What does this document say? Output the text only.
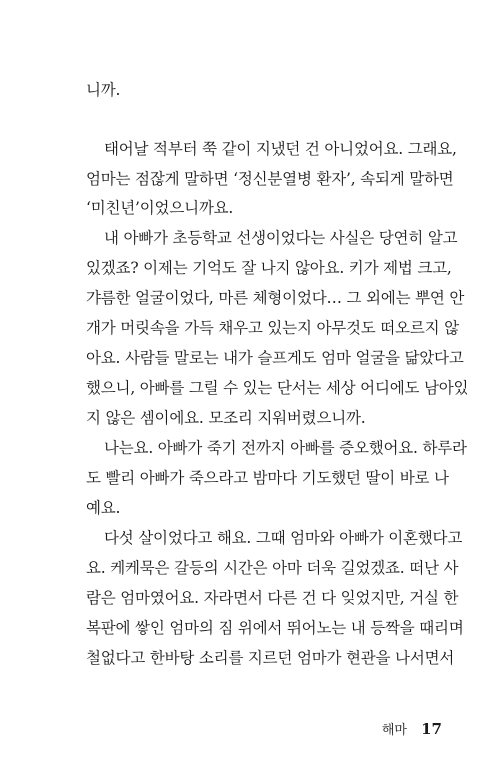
니까.
태어날 적부터 쭉 같이 지냈던 건 아니었어요. 그래요,
엄마는 점잖게 말하면 ‘정신분열병 환자’, 속되게 말하면
‘미친년’이었으니까요.
내 아빠가 초등학교 선생이었다는 사실은 당연히 알고
있겠죠? 이제는 기억도 잘 나지 않아요. 키가 제법 크고,
갸름한 얼굴이었다, 마른 체형이었다… 그 외에는 뿌연 안
개가 머릿속을 가득 채우고 있는지 아무것도 떠오르지 않
아요. 사람들 말로는 내가 슬프게도 엄마 얼굴을 닮았다고
했으니, 아빠를 그릴 수 있는 단서는 세상 어디에도 남아있
지 않은 셈이에요. 모조리 지워버렸으니까.
나는요. 아빠가 죽기 전까지 아빠를 증오했어요. 하루라
도 빨리 아빠가 죽으라고 밤마다 기도했던 딸이 바로 나
예요.
다섯 살이었다고 해요. 그때 엄마와 아빠가 이혼했다고
요. 케케묵은 갈등의 시간은 아마 더욱 길었겠죠. 떠난 사
람은 엄마였어요. 자라면서 다른 건 다 잊었지만, 거실 한
복판에 쌓인 엄마의 짐 위에서 뛰어노는 내 등짝을 때리며
철없다고 한바탕 소리를 지르던 엄마가 현관을 나서면서
해마 17
